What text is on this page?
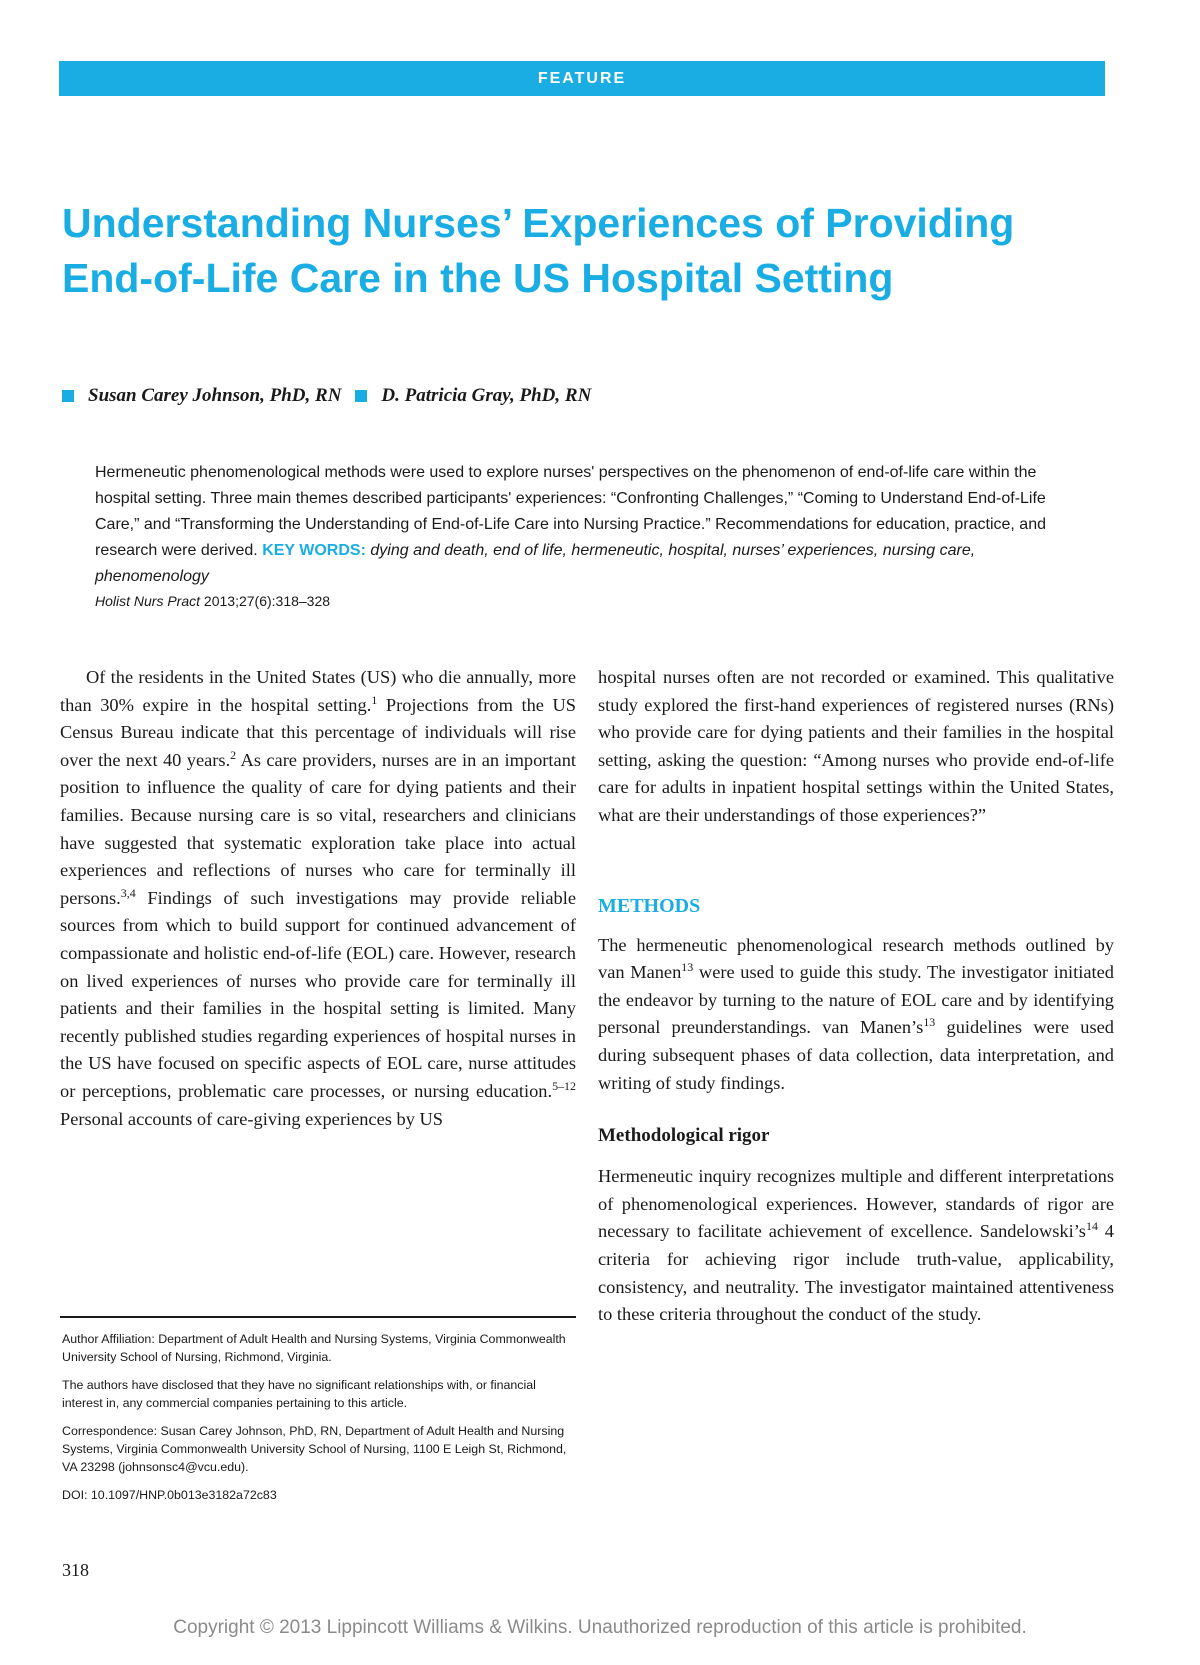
FEATURE
Understanding Nurses’ Experiences of Providing End-of-Life Care in the US Hospital Setting
Susan Carey Johnson, PhD, RN D. Patricia Gray, PhD, RN
Hermeneutic phenomenological methods were used to explore nurses' perspectives on the phenomenon of end-of-life care within the hospital setting. Three main themes described participants' experiences: “Confronting Challenges,” “Coming to Understand End-of-Life Care,” and “Transforming the Understanding of End-of-Life Care into Nursing Practice.” Recommendations for education, practice, and research were derived. KEY WORDS: dying and death, end of life, hermeneutic, hospital, nurses’ experiences, nursing care, phenomenology
Holist Nurs Pract 2013;27(6):318–328

Of the residents in the United States (US) who die annually, more than 30% expire in the hospital setting.$^1$ Projections from the US Census Bureau indicate that this percentage of individuals will rise over the next 40 years.$^2$ As care providers, nurses are in an important position to influence the quality of care for dying patients and their families. Because nursing care is so vital, researchers and clinicians have suggested that systematic exploration take place into actual experiences and reflections of nurses who care for terminally ill persons.$^{3,4}$ Findings of such investigations may provide reliable sources from which to build support for continued advancement of compassionate and holistic end-of-life (EOL) care. However, research on lived experiences of nurses who provide care for terminally ill patients and their families in the hospital setting is limited. Many recently published studies regarding experiences of hospital nurses in the US have focused on specific aspects of EOL care, nurse attitudes or perceptions, problematic care processes, or nursing education.$^{5-12}$ Personal accounts of care-giving experiences by US

hospital nurses often are not recorded or examined. This qualitative study explored the first-hand experiences of registered nurses (RNs) who provide care for dying patients and their families in the hospital setting, asking the question: “Among nurses who provide end-of-life care for adults in inpatient hospital settings within the United States, what are their understandings of those experiences?”

METHODS

The hermeneutic phenomenological research methods outlined by van Manen$^{13}$ were used to guide this study. The investigator initiated the endeavor by turning to the nature of EOL care and by identifying personal preunderstandings. van $Manen’s^{13}$ guidelines were used during subsequent phases of data collection, data interpretation, and writing of study findings.

Methodological rigor

Hermeneutic inquiry recognizes multiple and different interpretations of phenomenological experiences. However, standards of rigor are necessary to facilitate achievement of excellence. $Sandelowski’s^{14}$ 4 criteria for achieving rigor include truth-value, applicability, consistency, and neutrality. The investigator maintained attentiveness to these criteria throughout the conduct of the study.

Author Affiliation: Department of Adult Health and Nursing Systems, Virginia Commonwealth University School of Nursing, Richmond, Virginia.

The authors have disclosed that they have no significant relationships with, or financial interest in, any commercial companies pertaining to this article.

Correspondence: Susan Carey Johnson, PhD, RN, Department of Adult Health and Nursing Systems, Virginia Commonwealth University School of Nursing, 1100 E Leigh St, Richmond, VA 23298 (johnsonsc4@vcu.edu).

DOI: 10.1097/HNP.0b013e3182a72c83

318
Copyright © 2013 Lippincott Williams & Wilkins. Unauthorized reproduction of this article is prohibited.
